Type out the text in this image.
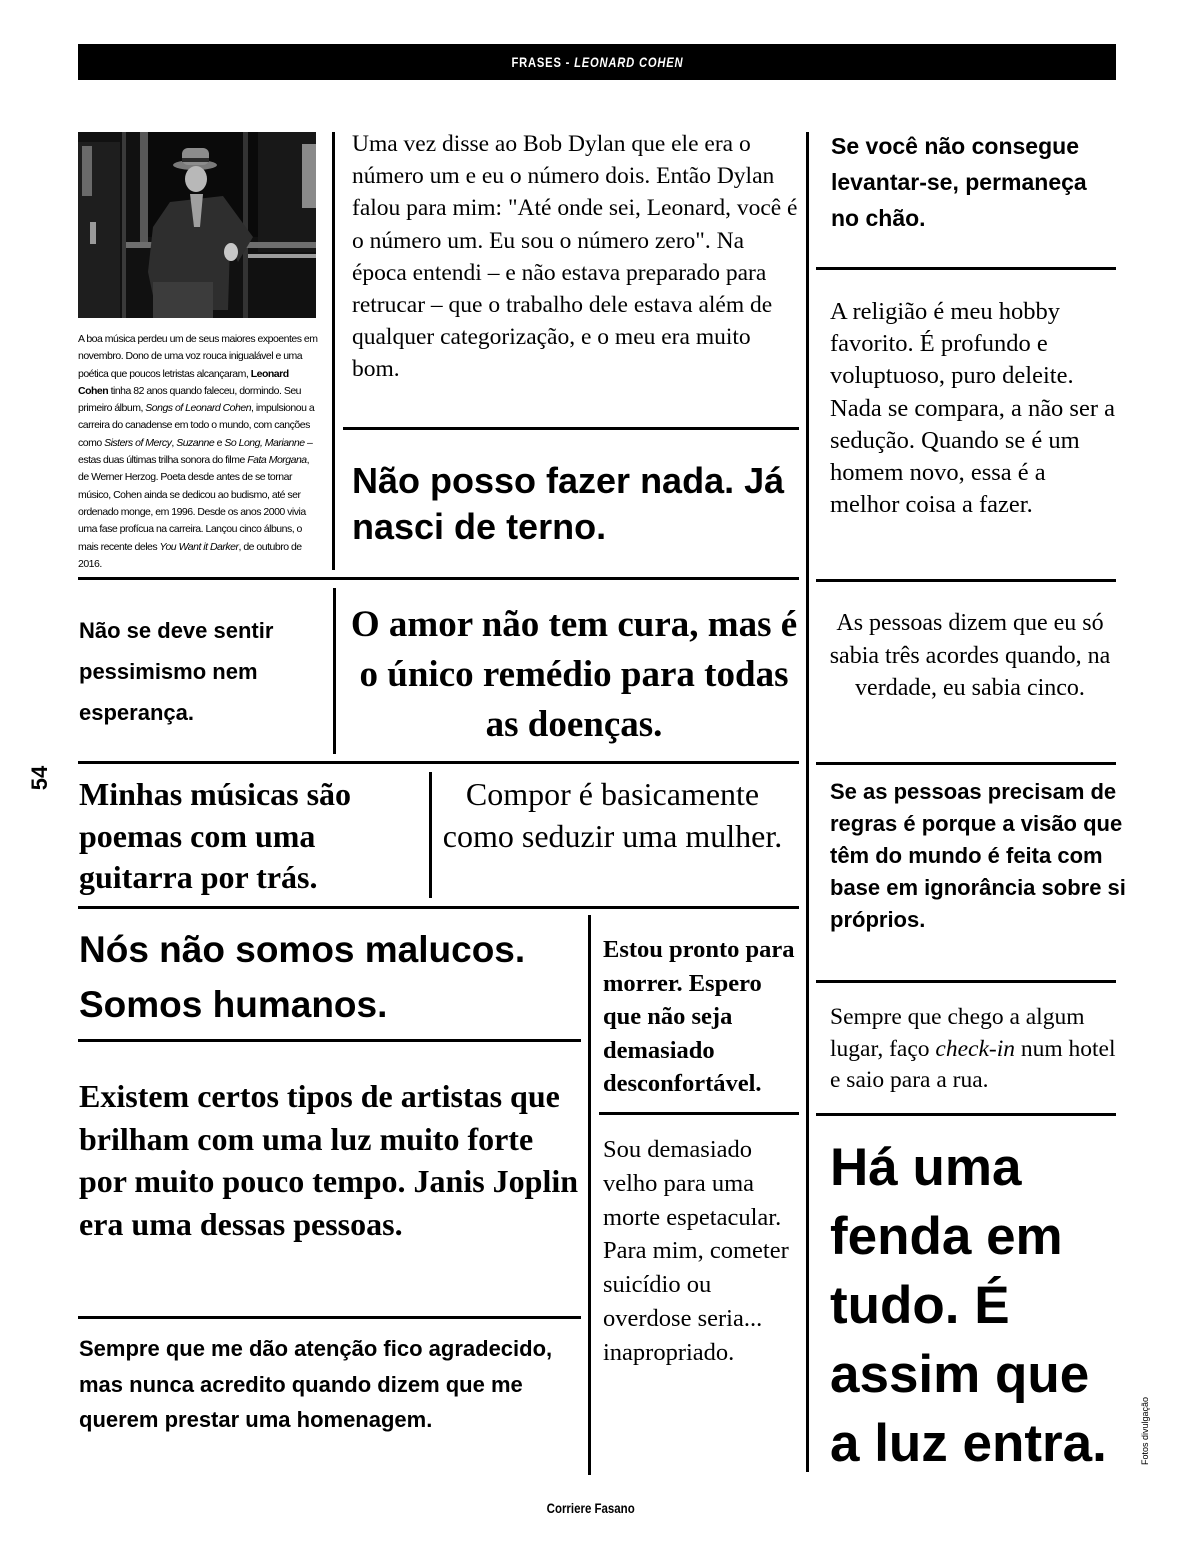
FRASES - LEONARD COHEN
A boa música perdeu um de seus maiores expoentes em novembro. Dono de uma voz rouca inigualável e uma poética que poucos letristas alcançaram, Leonard Cohen tinha 82 anos quando faleceu, dormindo. Seu primeiro álbum, Songs of Leonard Cohen, impulsionou a carreira do canadense em todo o mundo, com canções como Sisters of Mercy, Suzanne e So Long, Marianne – estas duas últimas trilha sonora do filme Fata Morgana, de Werner Herzog. Poeta desde antes de se tornar músico, Cohen ainda se dedicou ao budismo, até ser ordenado monge, em 1996. Desde os anos 2000 vivia uma fase profícua na carreira. Lançou cinco álbuns, o mais recente deles You Want it Darker, de outubro de 2016.

Uma vez disse ao Bob Dylan que ele era o número um e eu o número dois. Então Dylan falou para mim: "Até onde sei, Leonard, você é o número um. Eu sou o número zero". Na época entendi – e não estava preparado para retrucar – que o trabalho dele estava além de qualquer categorização, e o meu era muito bom.

Se você não consegue levantar-se, permaneça no chão.

A religião é meu hobby favorito. É profundo e voluptuoso, puro deleite. Nada se compara, a não ser a sedução. Quando se é um homem novo, essa é a melhor coisa a fazer.

Não posso fazer nada. Já nasci de terno.

Não se deve sentir pessimismo nem esperança.

O amor não tem cura, mas é o único remédio para todas as doenças.

As pessoas dizem que eu só sabia três acordes quando, na verdade, eu sabia cinco.

Minhas músicas são poemas com uma guitarra por trás.

Compor é basicamente como seduzir uma mulher.

Se as pessoas precisam de regras é porque a visão que têm do mundo é feita com base em ignorância sobre si próprios.

Nós não somos malucos. Somos humanos.

Estou pronto para morrer. Espero que não seja demasiado desconfortável.

Sempre que chego a algum lugar, faço check-in num hotel e saio para a rua.

Existem certos tipos de artistas que brilham com uma luz muito forte por muito pouco tempo. Janis Joplin era uma dessas pessoas.

Sou demasiado velho para uma morte espetacular. Para mim, cometer suicídio ou overdose seria... inapropriado.

Há uma fenda em tudo. É assim que a luz entra.

Sempre que me dão atenção fico agradecido, mas nunca acredito quando dizem que me querem prestar uma homenagem.

54
Fotos divulgação
Corriere Fasano
